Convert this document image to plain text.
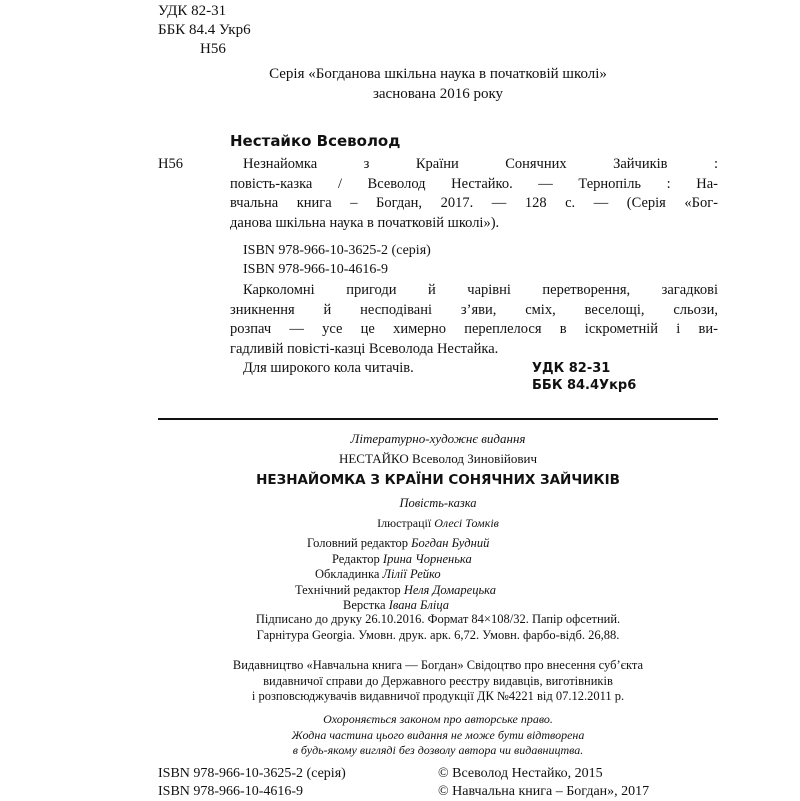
УДК 82-31
ББК 84.4 Укр6
Н56
Серія «Богданова шкільна наука в початковій школі»
заснована 2016 року
Нестайко Всеволод
Н56	Незнайомка з Країни Сонячних Зайчиків :
повість-казка / Всеволод Нестайко. — Тернопіль : На-
вчальна книга – Богдан, 2017. — 128 с. — (Серія «Бог-
данова шкільна наука в початковій школі»).
ISBN 978-966-10-3625-2 (серія)
ISBN 978-966-10-4616-9
Карколомні пригоди й чарівні перетворення, загадкові
зникнення й несподівані з’яви, сміх, веселощі, сльози,
розпач — усе це химерно переплелося в іскрометній і ви-
гадливій повісті-казці Всеволода Нестайка.
Для широкого кола читачів.	УДК 82-31
ББК 84.4Укр6
Літературно-художнє видання
НЕСТАЙКО Всеволод Зиновійович
НЕЗНАЙОМКА З КРАЇНИ СОНЯЧНИХ ЗАЙЧИКІВ
Повість-казка
Ілюстрації Олесі Томків
Головний редактор Богдан Будний
Редактор Ірина Чорненька
Обкладинка Лілії Рейко
Технічний редактор Неля Домарецька
Верстка Івана Бліца
Підписано до друку 26.10.2016. Формат 84×108/32. Папір офсетний.
Гарнітура Georgia. Умовн. друк. арк. 6,72. Умовн. фарбо-відб. 26,88.
Видавництво «Навчальна книга — Богдан» Свідоцтво про внесення суб’єкта
видавничої справи до Державного реєстру видавців, виготівників
і розповсюджувачів видавничої продукції ДК №4221 від 07.12.2011 р.
Охороняється законом про авторське право.
Жодна частина цього видання не може бути відтворена
в будь-якому вигляді без дозволу автора чи видавництва.
ISBN 978-966-10-3625-2 (серія)
ISBN 978-966-10-4616-9
© Всеволод Нестайко, 2015
© Навчальна книга – Богдан», 2017
